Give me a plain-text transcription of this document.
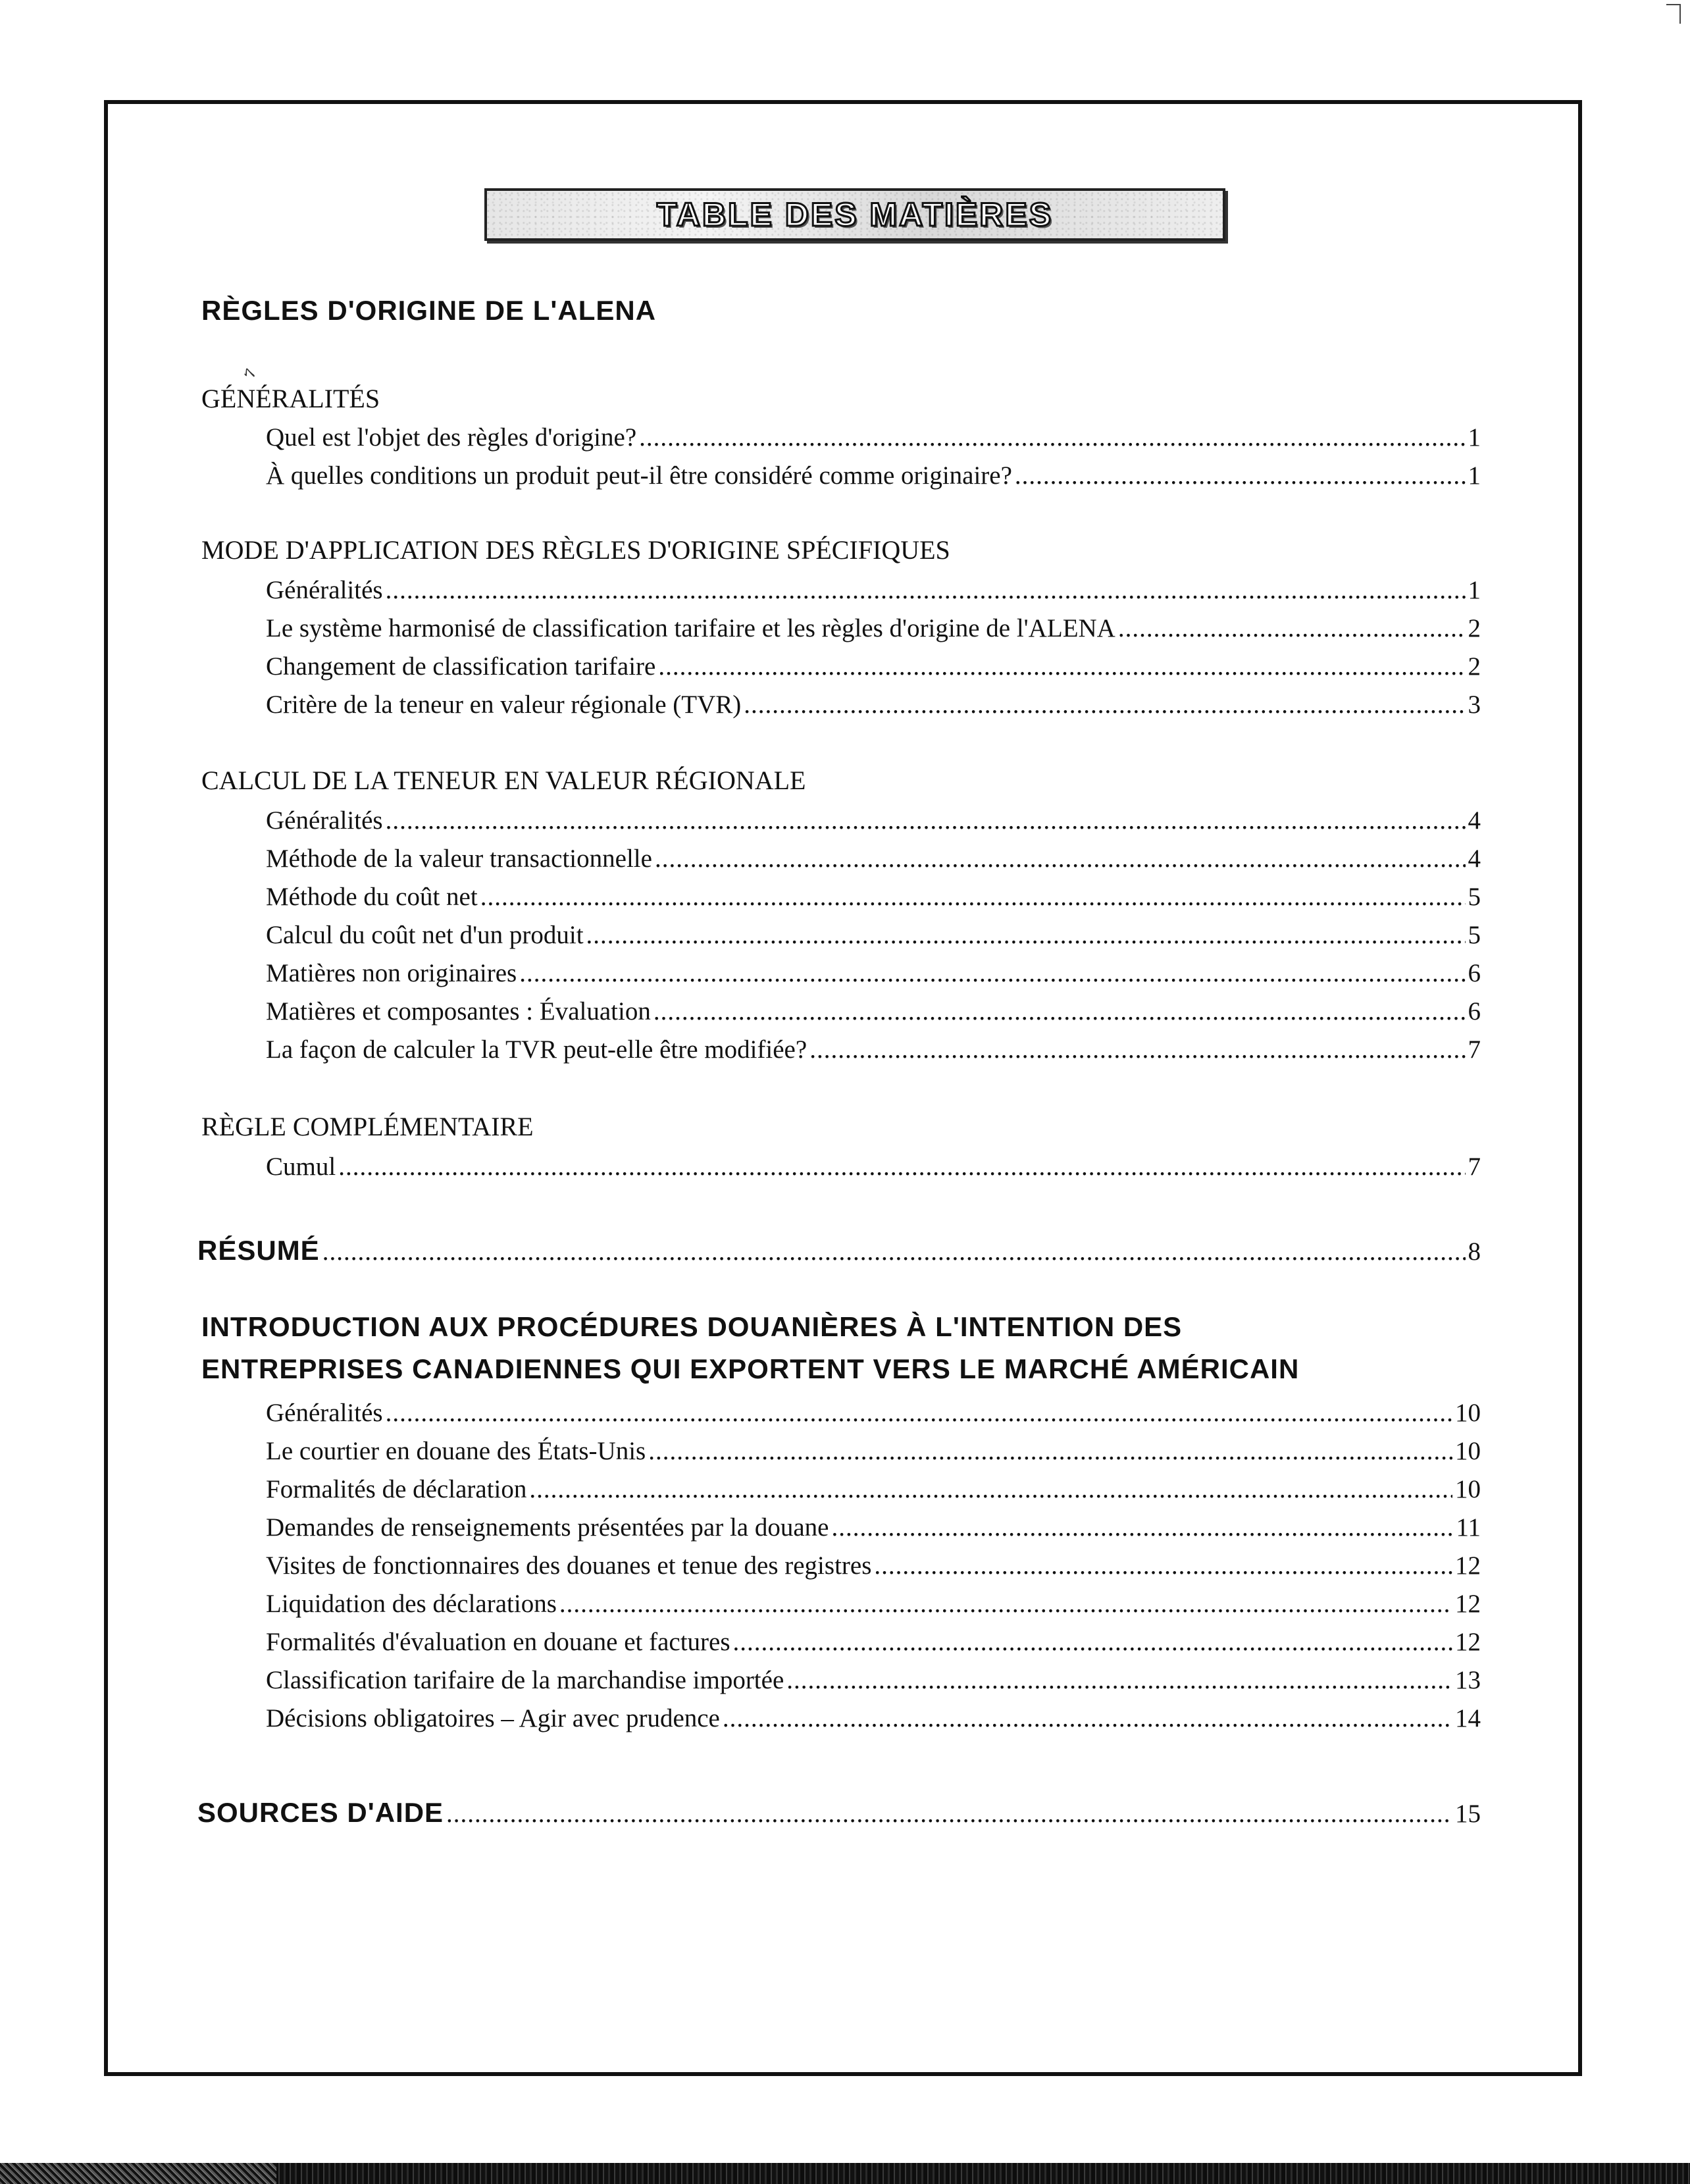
TABLE DES MATIÈRES
RÈGLES D'ORIGINE DE L'ALENA
ﾍ
GÉNÉRALITÉS
Quel est l'objet des règles d'origine? .....	1
À quelles conditions un produit peut-il être considéré comme originaire? .....	1
MODE D'APPLICATION DES RÈGLES D'ORIGINE SPÉCIFIQUES
Généralités .....	1
Le système harmonisé de classification tarifaire et les règles d'origine de l'ALENA .....	2
Changement de classification tarifaire .....	2
Critère de la teneur en valeur régionale (TVR) .....	3
CALCUL DE LA TENEUR EN VALEUR RÉGIONALE
Généralités .....	4
Méthode de la valeur transactionnelle .....	4
Méthode du coût net .....	5
Calcul du coût net d'un produit .....	5
Matières non originaires .....	6
Matières et composantes : Évaluation .....	6
La façon de calculer la TVR peut-elle être modifiée? .....	7
RÈGLE COMPLÉMENTAIRE
Cumul .....	7
RÉSUMÉ .....	8
INTRODUCTION AUX PROCÉDURES DOUANIÈRES À L'INTENTION DES
ENTREPRISES CANADIENNES QUI EXPORTENT VERS LE MARCHÉ AMÉRICAIN
Généralités .....	10
Le courtier en douane des États-Unis .....	10
Formalités de déclaration .....	10
Demandes de renseignements présentées par la douane .....	11
Visites de fonctionnaires des douanes et tenue des registres .....	12
Liquidation des déclarations .....	12
Formalités d'évaluation en douane et factures .....	12
Classification tarifaire de la marchandise importée .....	13
Décisions obligatoires – Agir avec prudence .....	14
SOURCES D'AIDE .....	15
